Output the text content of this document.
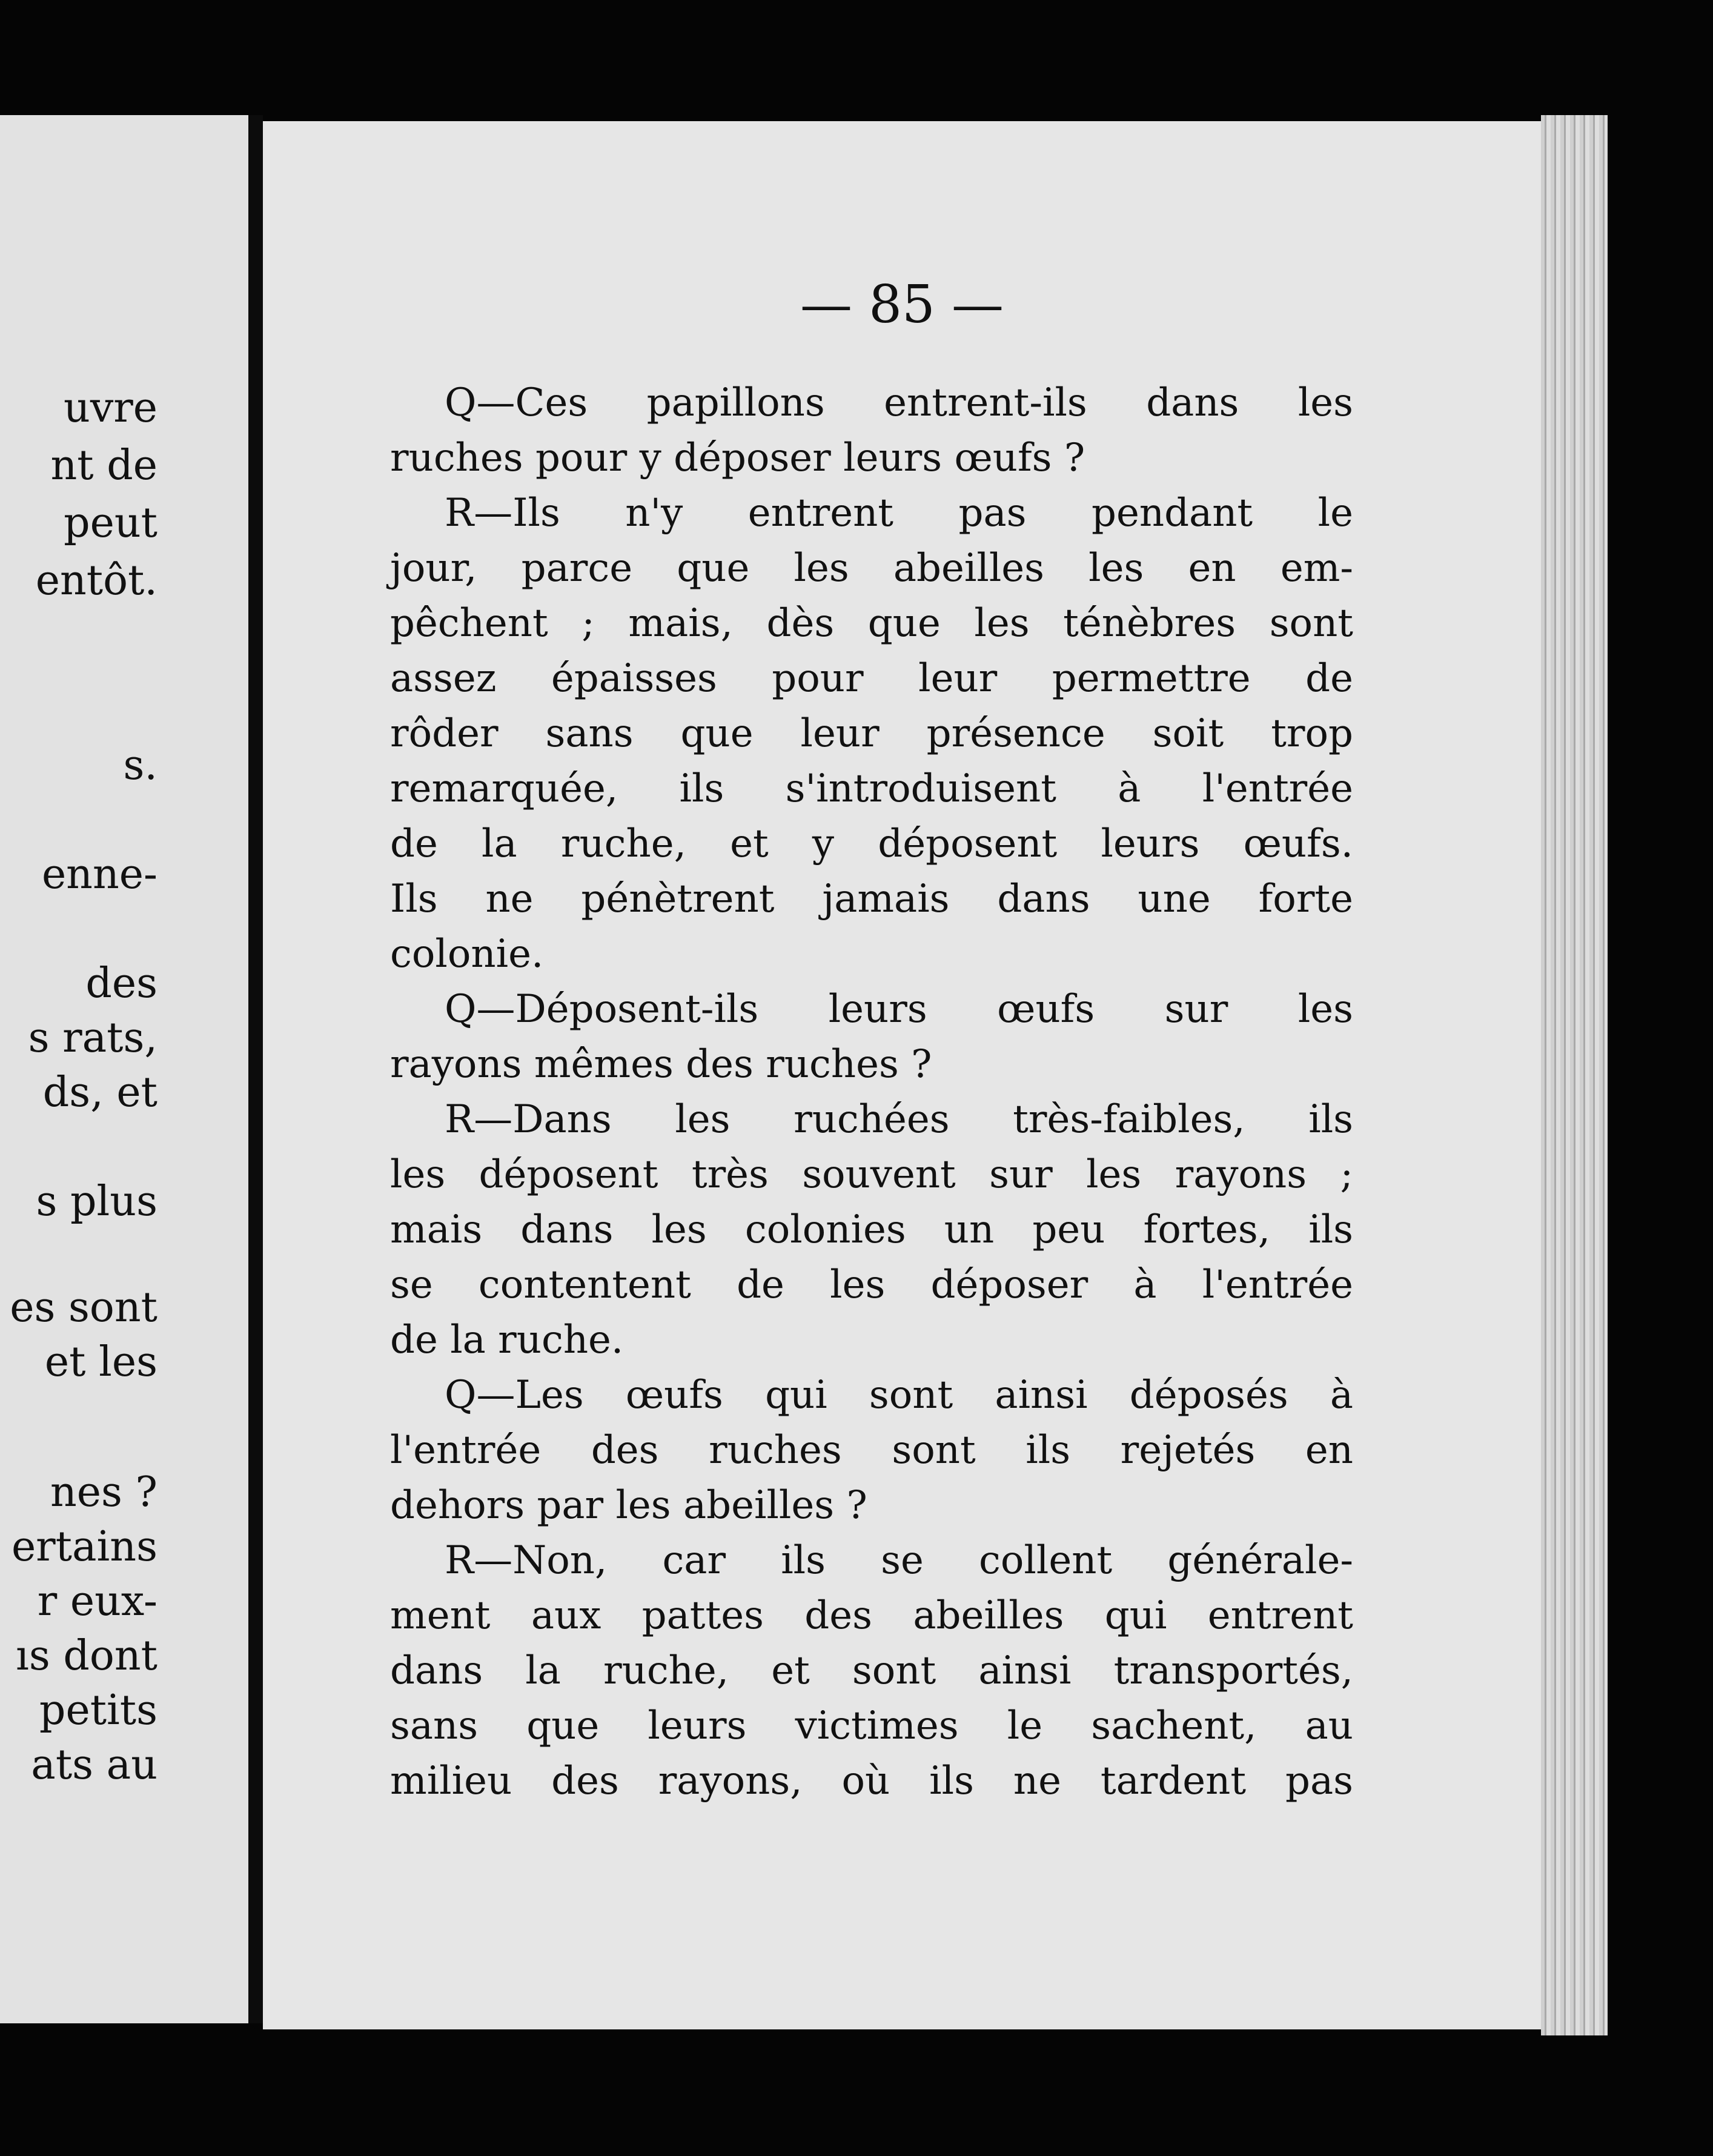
uvre
nt de
peut
entôt.
s.
enne-
des
s rats,
ds, et
s plus
es sont
et les
nes ?
ertains
r eux-
ıs dont
petits
ats au
— 85 —
Q—Ces papillons entrent-ils dans les
ruches pour y déposer leurs œufs ?
R—Ils n'y entrent pas pendant le
jour, parce que les abeilles les en em-
pêchent ; mais, dès que les ténèbres sont
assez épaisses pour leur permettre de
rôder sans que leur présence soit trop
remarquée, ils s'introduisent à l'entrée
de la ruche, et y déposent leurs œufs.
Ils ne pénètrent jamais dans une forte
colonie.
Q—Déposent-ils leurs œufs sur les
rayons mêmes des ruches ?
R—Dans les ruchées très-faibles, ils
les déposent très souvent sur les rayons ;
mais dans les colonies un peu fortes, ils
se contentent de les déposer à l'entrée
de la ruche.
Q—Les œufs qui sont ainsi déposés à
l'entrée des ruches sont ils rejetés en
dehors par les abeilles ?
R—Non, car ils se collent générale-
ment aux pattes des abeilles qui entrent
dans la ruche, et sont ainsi transportés,
sans que leurs victimes le sachent, au
milieu des rayons, où ils ne tardent pas
